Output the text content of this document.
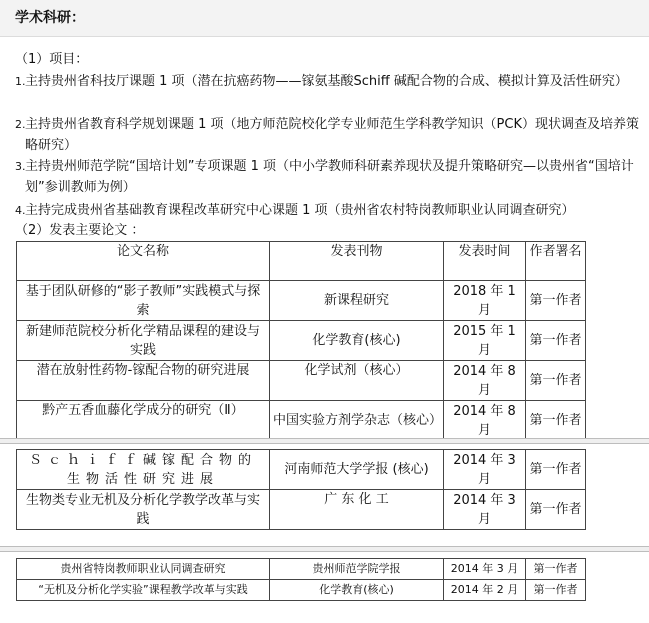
学术科研：
（1）项目：
1. 主持贵州省科技厅课题 1 项（潜在抗癌药物——镓氨基酸Schiff 碱配合物的合成、模拟计算及活性研究）
2. 主持贵州省教育科学规划课题 1 项（地方师范院校化学专业师范生学科教学知识（PCK）现状调查及培养策略研究）
3. 主持贵州师范学院“国培计划”专项课题 1 项（中小学教师科研素养现状及提升策略研究—以贵州省“国培计划”参训教师为例）
4. 主持完成贵州省基础教育课程改革研究中心课题 1 项（贵州省农村特岗教师职业认同调查研究）
（2）发表主要论文 ：
论文名称	发表刊物	发表时间	作者署名
基于团队研修的“影子教师”实践模式与探索	新课程研究	2018 年 1 月	第一作者
新建师范院校分析化学精品课程的建设与实践	化学教育(核心)	2015 年 1 月	第一作者
潜在放射性药物-镓配合物的研究进展	化学试剂（核心）	2014 年 8 月	第一作者
黔产五香血藤化学成分的研究（Ⅱ）	中国实验方剂学杂志（核心）	2014 年 8 月	第一作者
Ｓｃｈｉｆｆ碱镓配合物的生物活性研究进展	河南师范大学学报 (核心)	2014 年 3 月	第一作者
生物类专业无机及分析化学教学改革与实践	广 东 化 工	2014 年 3 月	第一作者
贵州省特岗教师职业认同调查研究	贵州师范学院学报	2014 年 3 月	第一作者
“无机及分析化学实验”课程教学改革与实践	化学教育(核心)	2014 年 2 月	第一作者
